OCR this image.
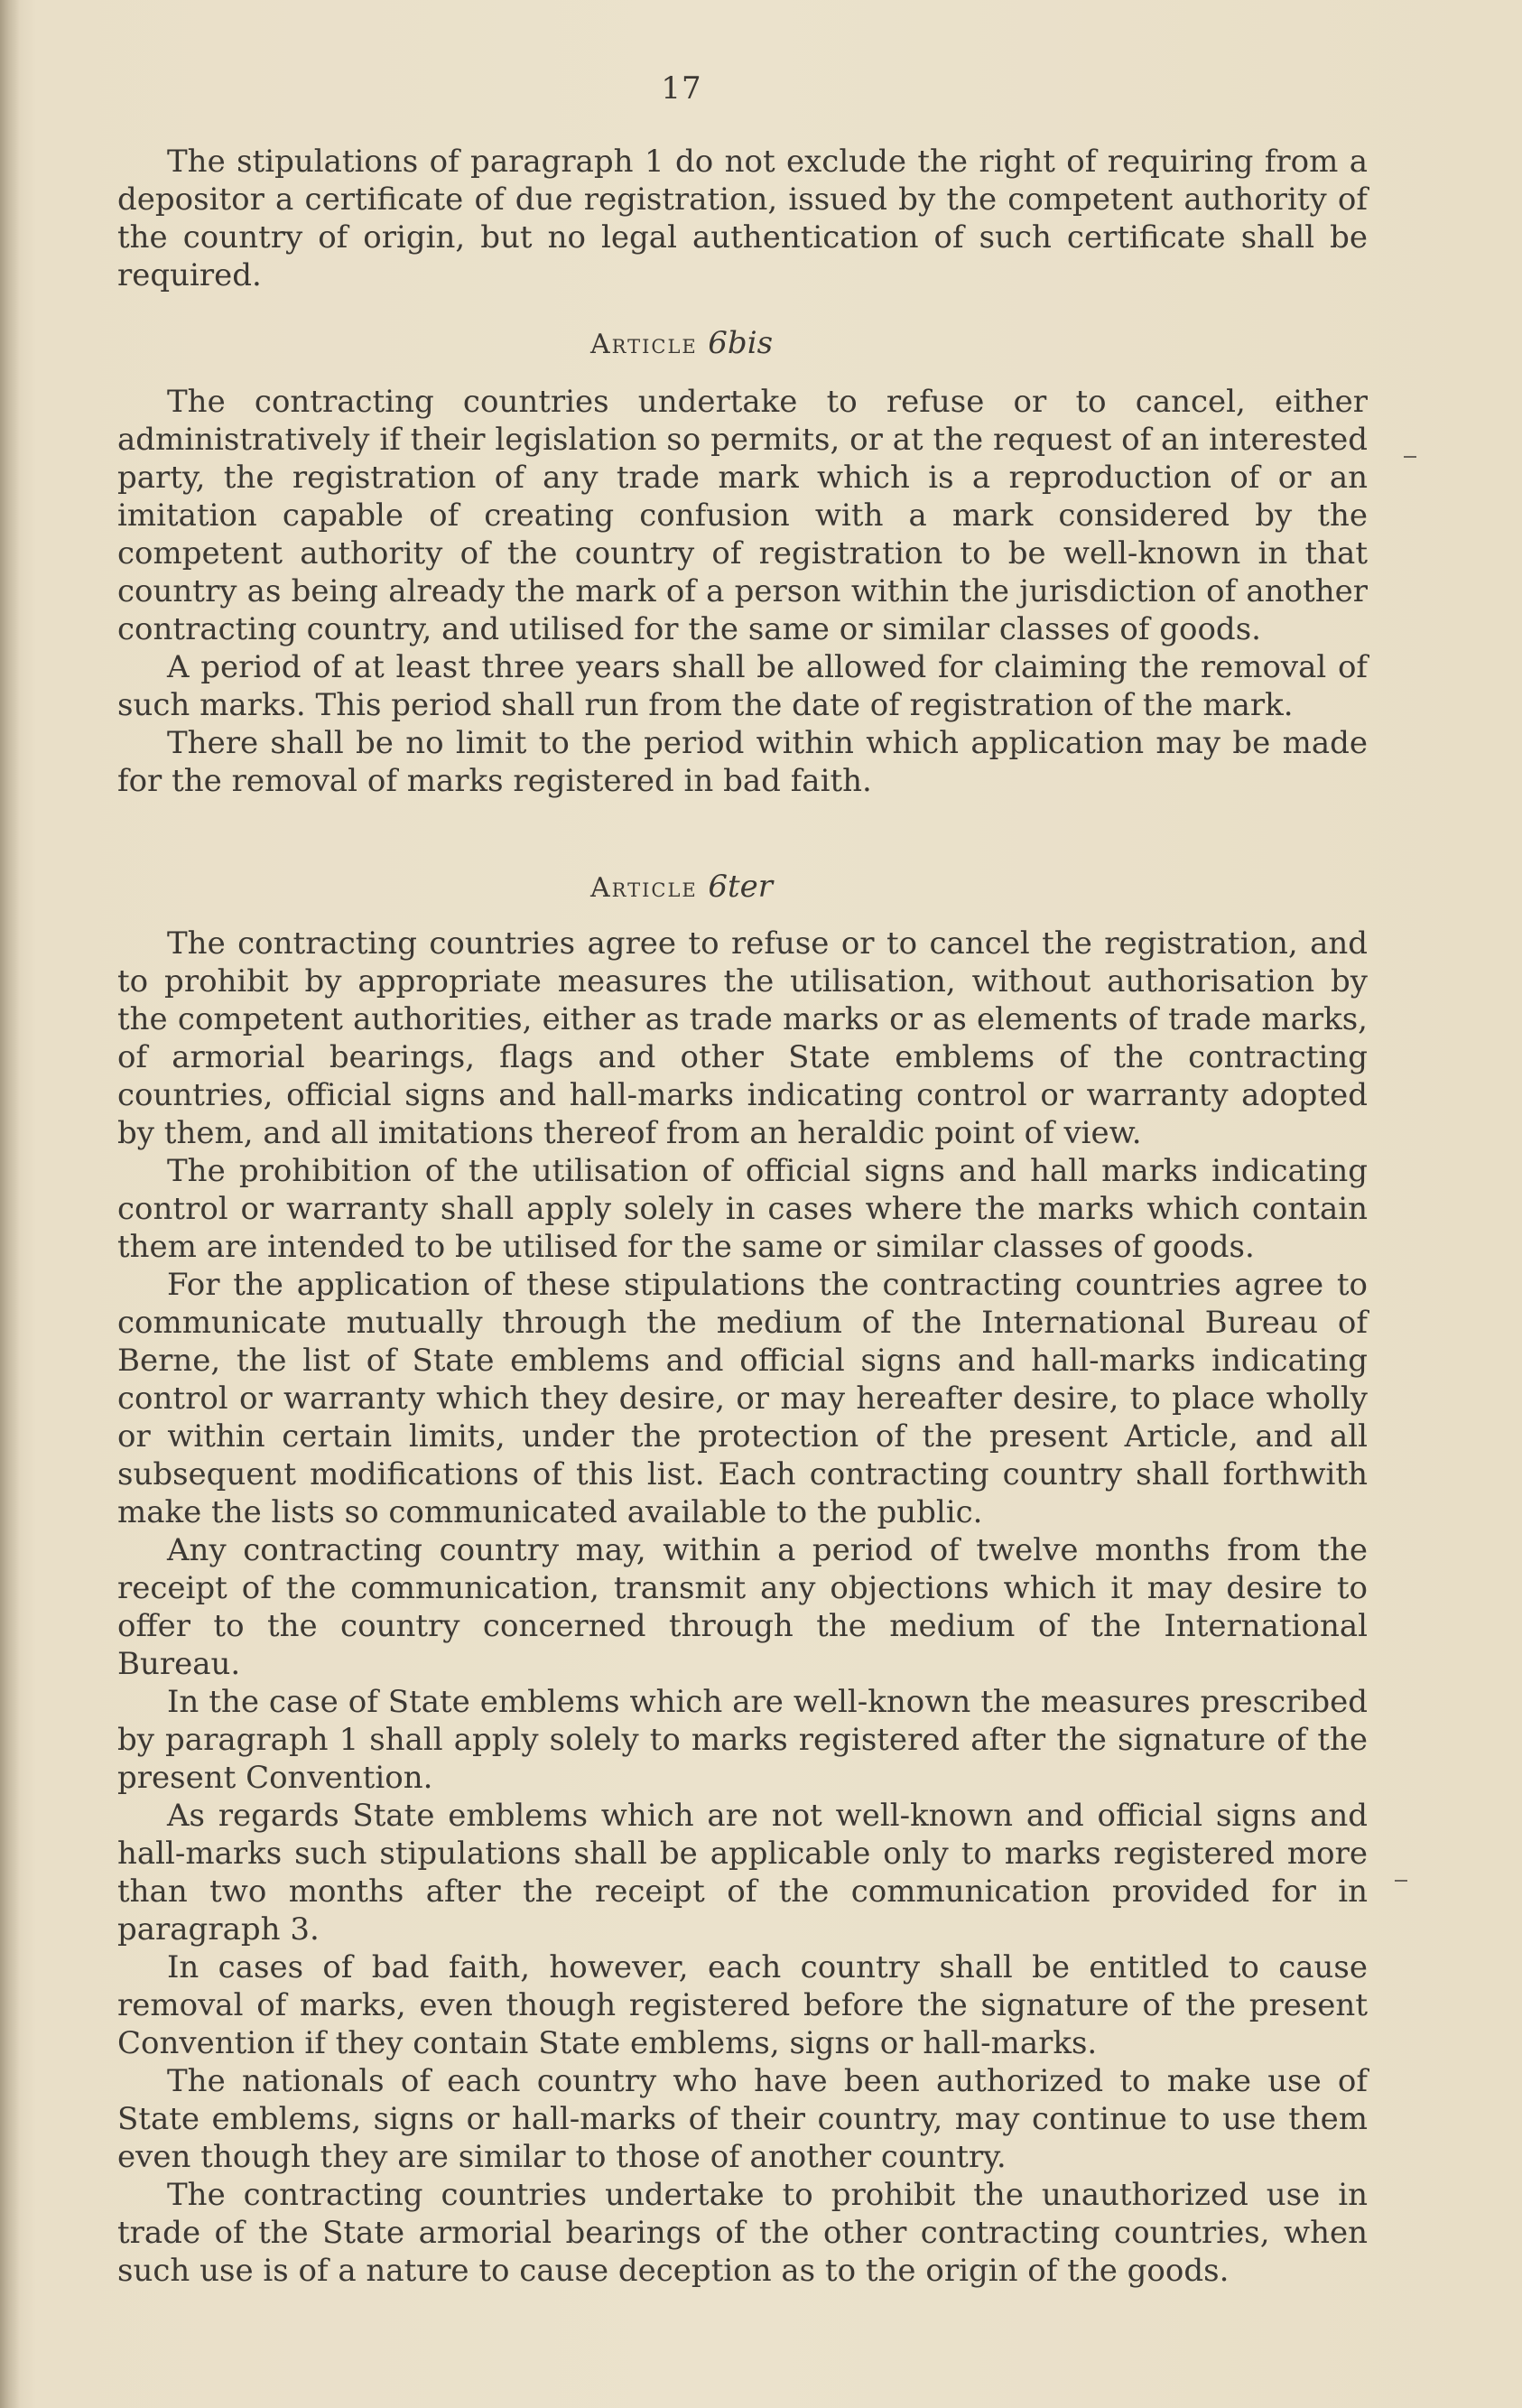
17

The stipulations of paragraph 1 do not exclude the right of requiring from a depositor a certificate of due registration, issued by the competent authority of the country of origin, but no legal authentication of such certificate shall be required.

Article 6bis

The contracting countries undertake to refuse or to cancel, either administratively if their legislation so permits, or at the request of an interested party, the registration of any trade mark which is a reproduction of or an imitation capable of creating confusion with a mark considered by the competent authority of the country of registration to be well-known in that country as being already the mark of a person within the jurisdiction of another contracting country, and utilised for the same or similar classes of goods.

A period of at least three years shall be allowed for claiming the removal of such marks. This period shall run from the date of registration of the mark.

There shall be no limit to the period within which application may be made for the removal of marks registered in bad faith.

Article 6ter

The contracting countries agree to refuse or to cancel the registration, and to prohibit by appropriate measures the utilisation, without authorisation by the competent authorities, either as trade marks or as elements of trade marks, of armorial bearings, flags and other State emblems of the contracting countries, official signs and hall-marks indicating control or warranty adopted by them, and all imitations thereof from an heraldic point of view.

The prohibition of the utilisation of official signs and hall marks indicating control or warranty shall apply solely in cases where the marks which contain them are intended to be utilised for the same or similar classes of goods.

For the application of these stipulations the contracting countries agree to communicate mutually through the medium of the International Bureau of Berne, the list of State emblems and official signs and hall-marks indicating control or warranty which they desire, or may hereafter desire, to place wholly or within certain limits, under the protection of the present Article, and all subsequent modifications of this list. Each contracting country shall forthwith make the lists so communicated available to the public.

Any contracting country may, within a period of twelve months from the receipt of the communication, transmit any objections which it may desire to offer to the country concerned through the medium of the International Bureau.

In the case of State emblems which are well-known the measures prescribed by paragraph 1 shall apply solely to marks registered after the signature of the present Convention.

As regards State emblems which are not well-known and official signs and hall-marks such stipulations shall be applicable only to marks registered more than two months after the receipt of the communication provided for in paragraph 3.

In cases of bad faith, however, each country shall be entitled to cause removal of marks, even though registered before the signature of the present Convention if they contain State emblems, signs or hall-marks.

The nationals of each country who have been authorized to make use of State emblems, signs or hall-marks of their country, may continue to use them even though they are similar to those of another country.

The contracting countries undertake to prohibit the unauthorized use in trade of the State armorial bearings of the other contracting countries, when such use is of a nature to cause deception as to the origin of the goods.
